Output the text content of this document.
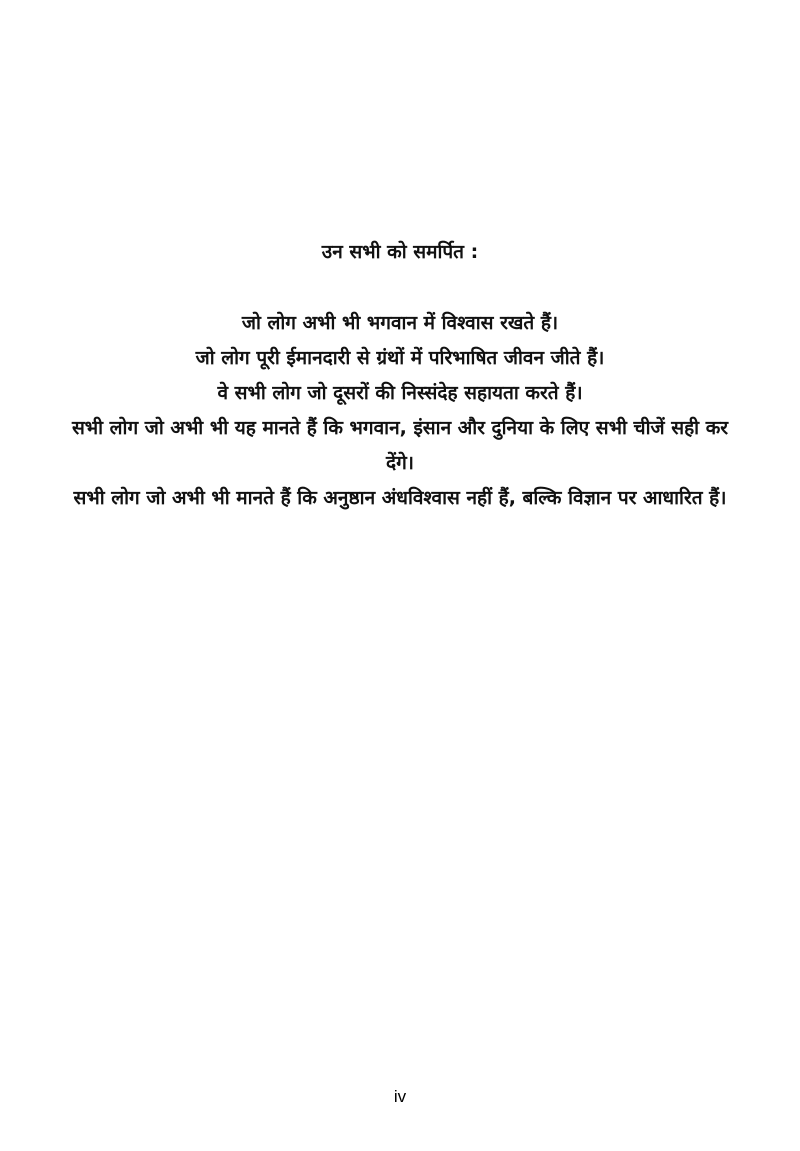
उन सभी को समर्पित :

जो लोग अभी भी भगवान में विश्वास रखते हैं।

जो लोग पूरी ईमानदारी से ग्रंथों में परिभाषित जीवन जीते हैं।

वे सभी लोग जो दूसरों की निस्संदेह सहायता करते हैं।

सभी लोग जो अभी भी यह मानते हैं कि भगवान, इंसान और दुनिया के लिए सभी चीजें सही कर देंगे।

सभी लोग जो अभी भी मानते हैं कि अनुष्ठान अंधविश्वास नहीं हैं, बल्कि विज्ञान पर आधारित हैं।

iv
